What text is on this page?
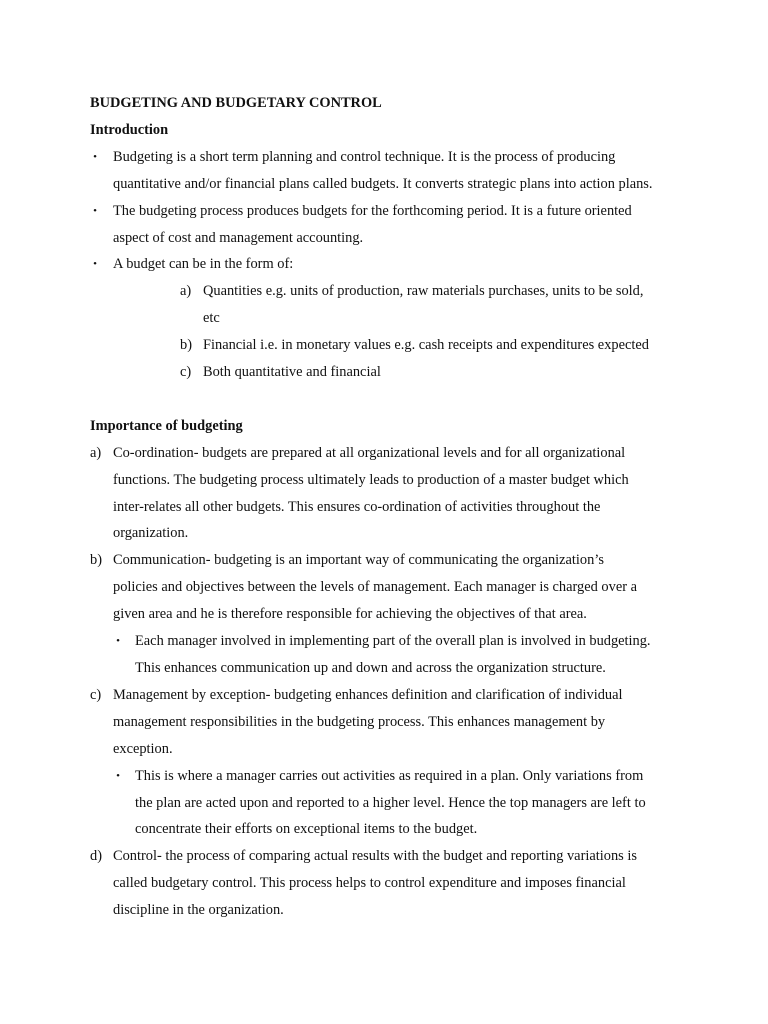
BUDGETING AND BUDGETARY CONTROL
Introduction
• Budgeting is a short term planning and control technique. It is the process of producing
quantitative and/or financial plans called budgets. It converts strategic plans into action plans.
• The budgeting process produces budgets for the forthcoming period. It is a future oriented
aspect of cost and management accounting.
• A budget can be in the form of:
a) Quantities e.g. units of production, raw materials purchases, units to be sold,
etc
b) Financial i.e. in monetary values e.g. cash receipts and expenditures expected
c) Both quantitative and financial
Importance of budgeting
a) Co-ordination- budgets are prepared at all organizational levels and for all organizational
functions. The budgeting process ultimately leads to production of a master budget which
inter-relates all other budgets. This ensures co-ordination of activities throughout the
organization.
b) Communication- budgeting is an important way of communicating the organization’s
policies and objectives between the levels of management. Each manager is charged over a
given area and he is therefore responsible for achieving the objectives of that area.
• Each manager involved in implementing part of the overall plan is involved in budgeting.
This enhances communication up and down and across the organization structure.
c) Management by exception- budgeting enhances definition and clarification of individual
management responsibilities in the budgeting process. This enhances management by
exception.
• This is where a manager carries out activities as required in a plan. Only variations from
the plan are acted upon and reported to a higher level. Hence the top managers are left to
concentrate their efforts on exceptional items to the budget.
d) Control- the process of comparing actual results with the budget and reporting variations is
called budgetary control. This process helps to control expenditure and imposes financial
discipline in the organization.
